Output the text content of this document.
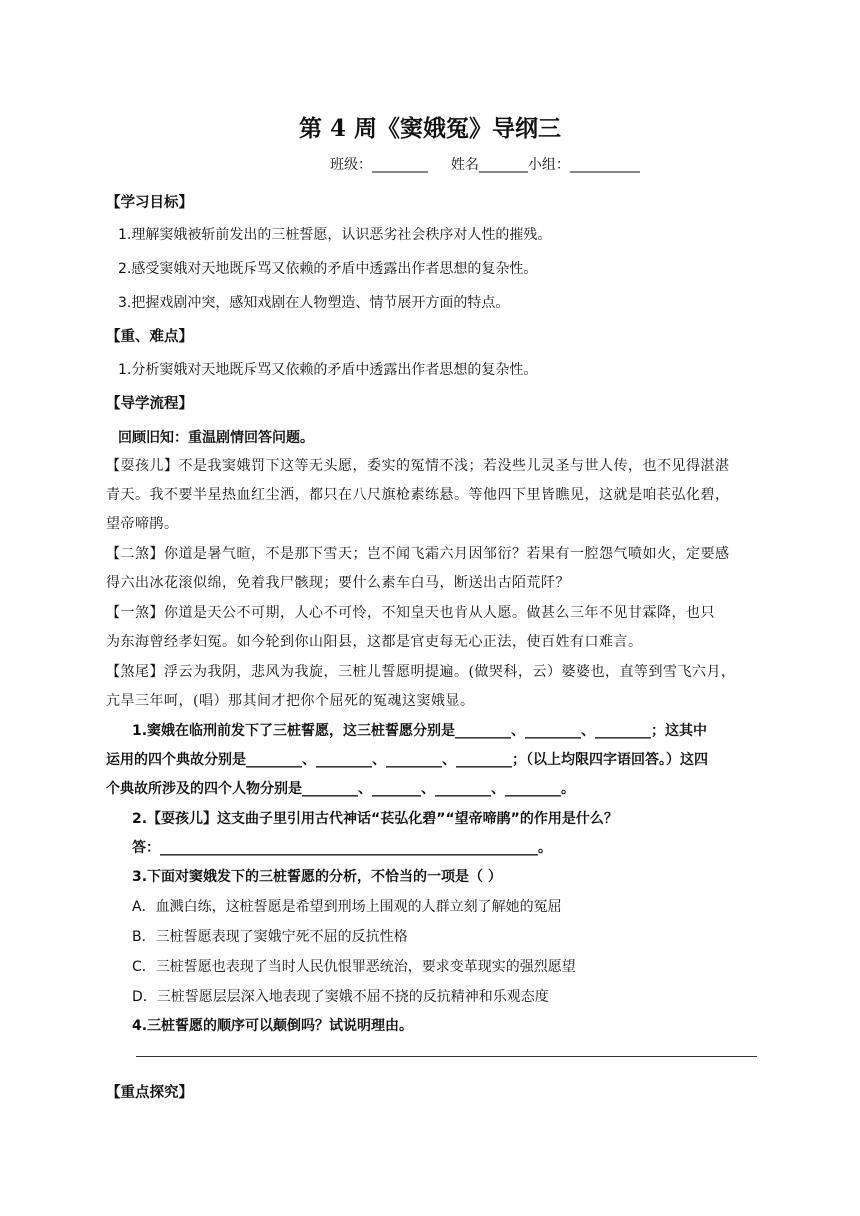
第 4 周《窦娥冤》导纲三
班级：________ 姓名_______小组：__________
【学习目标】
1.理解窦娥被斩前发出的三桩誓愿，认识恶劣社会秩序对人性的摧残。
2.感受窦娥对天地既斥骂又依赖的矛盾中透露出作者思想的复杂性。
3.把握戏剧冲突，感知戏剧在人物塑造、情节展开方面的特点。
【重、难点】
1.分析窦娥对天地既斥骂又依赖的矛盾中透露出作者思想的复杂性。
【导学流程】
回顾旧知：重温剧情回答问题。
【耍孩儿】不是我窦娥罚下这等无头愿，委实的冤情不浅；若没些儿灵圣与世人传，也不见得湛湛
青天。我不要半星热血红尘洒，都只在八尺旗枪素练悬。等他四下里皆瞧见，这就是咱苌弘化碧，
望帝啼鹃。
【二煞】你道是暑气暄，不是那下雪天；岂不闻飞霜六月因邹衍？若果有一腔怨气喷如火，定要感
得六出冰花滚似绵，免着我尸骸现；要什么素车白马，断送出古陌荒阡？
【一煞】你道是天公不可期，人心不可怜，不知皇天也肯从人愿。做甚么三年不见甘霖降，也只
为东海曾经孝妇冤。如今轮到你山阳县，这都是官吏每无心正法，使百姓有口难言。
【煞尾】浮云为我阴，悲风为我旋，三桩儿誓愿明提遍。(做哭科，云）婆婆也，直等到雪飞六月，
亢旱三年呵，(唱）那其间才把你个屈死的冤魂这窦娥显。
1.窦娥在临刑前发下了三桩誓愿，这三桩誓愿分别是________、________、________；这其中
运用的四个典故分别是________、________、________、________；（以上均限四字语回答。）这四
个典故所涉及的四个人物分别是________、_______、________、________。
2.【耍孩儿】这支曲子里引用古代神话“苌弘化碧”“望帝啼鹃”的作用是什么？
答：______________________________________________________。
3.下面对窦娥发下的三桩誓愿的分析，不恰当的一项是（ ）
A．血溅白练，这桩誓愿是希望到刑场上围观的人群立刻了解她的冤屈
B．三桩誓愿表现了窦娥宁死不屈的反抗性格
C．三桩誓愿也表现了当时人民仇恨罪恶统治，要求变革现实的强烈愿望
D．三桩誓愿层层深入地表现了窦娥不屈不挠的反抗精神和乐观态度
4.三桩誓愿的顺序可以颠倒吗？试说明理由。
【重点探究】
